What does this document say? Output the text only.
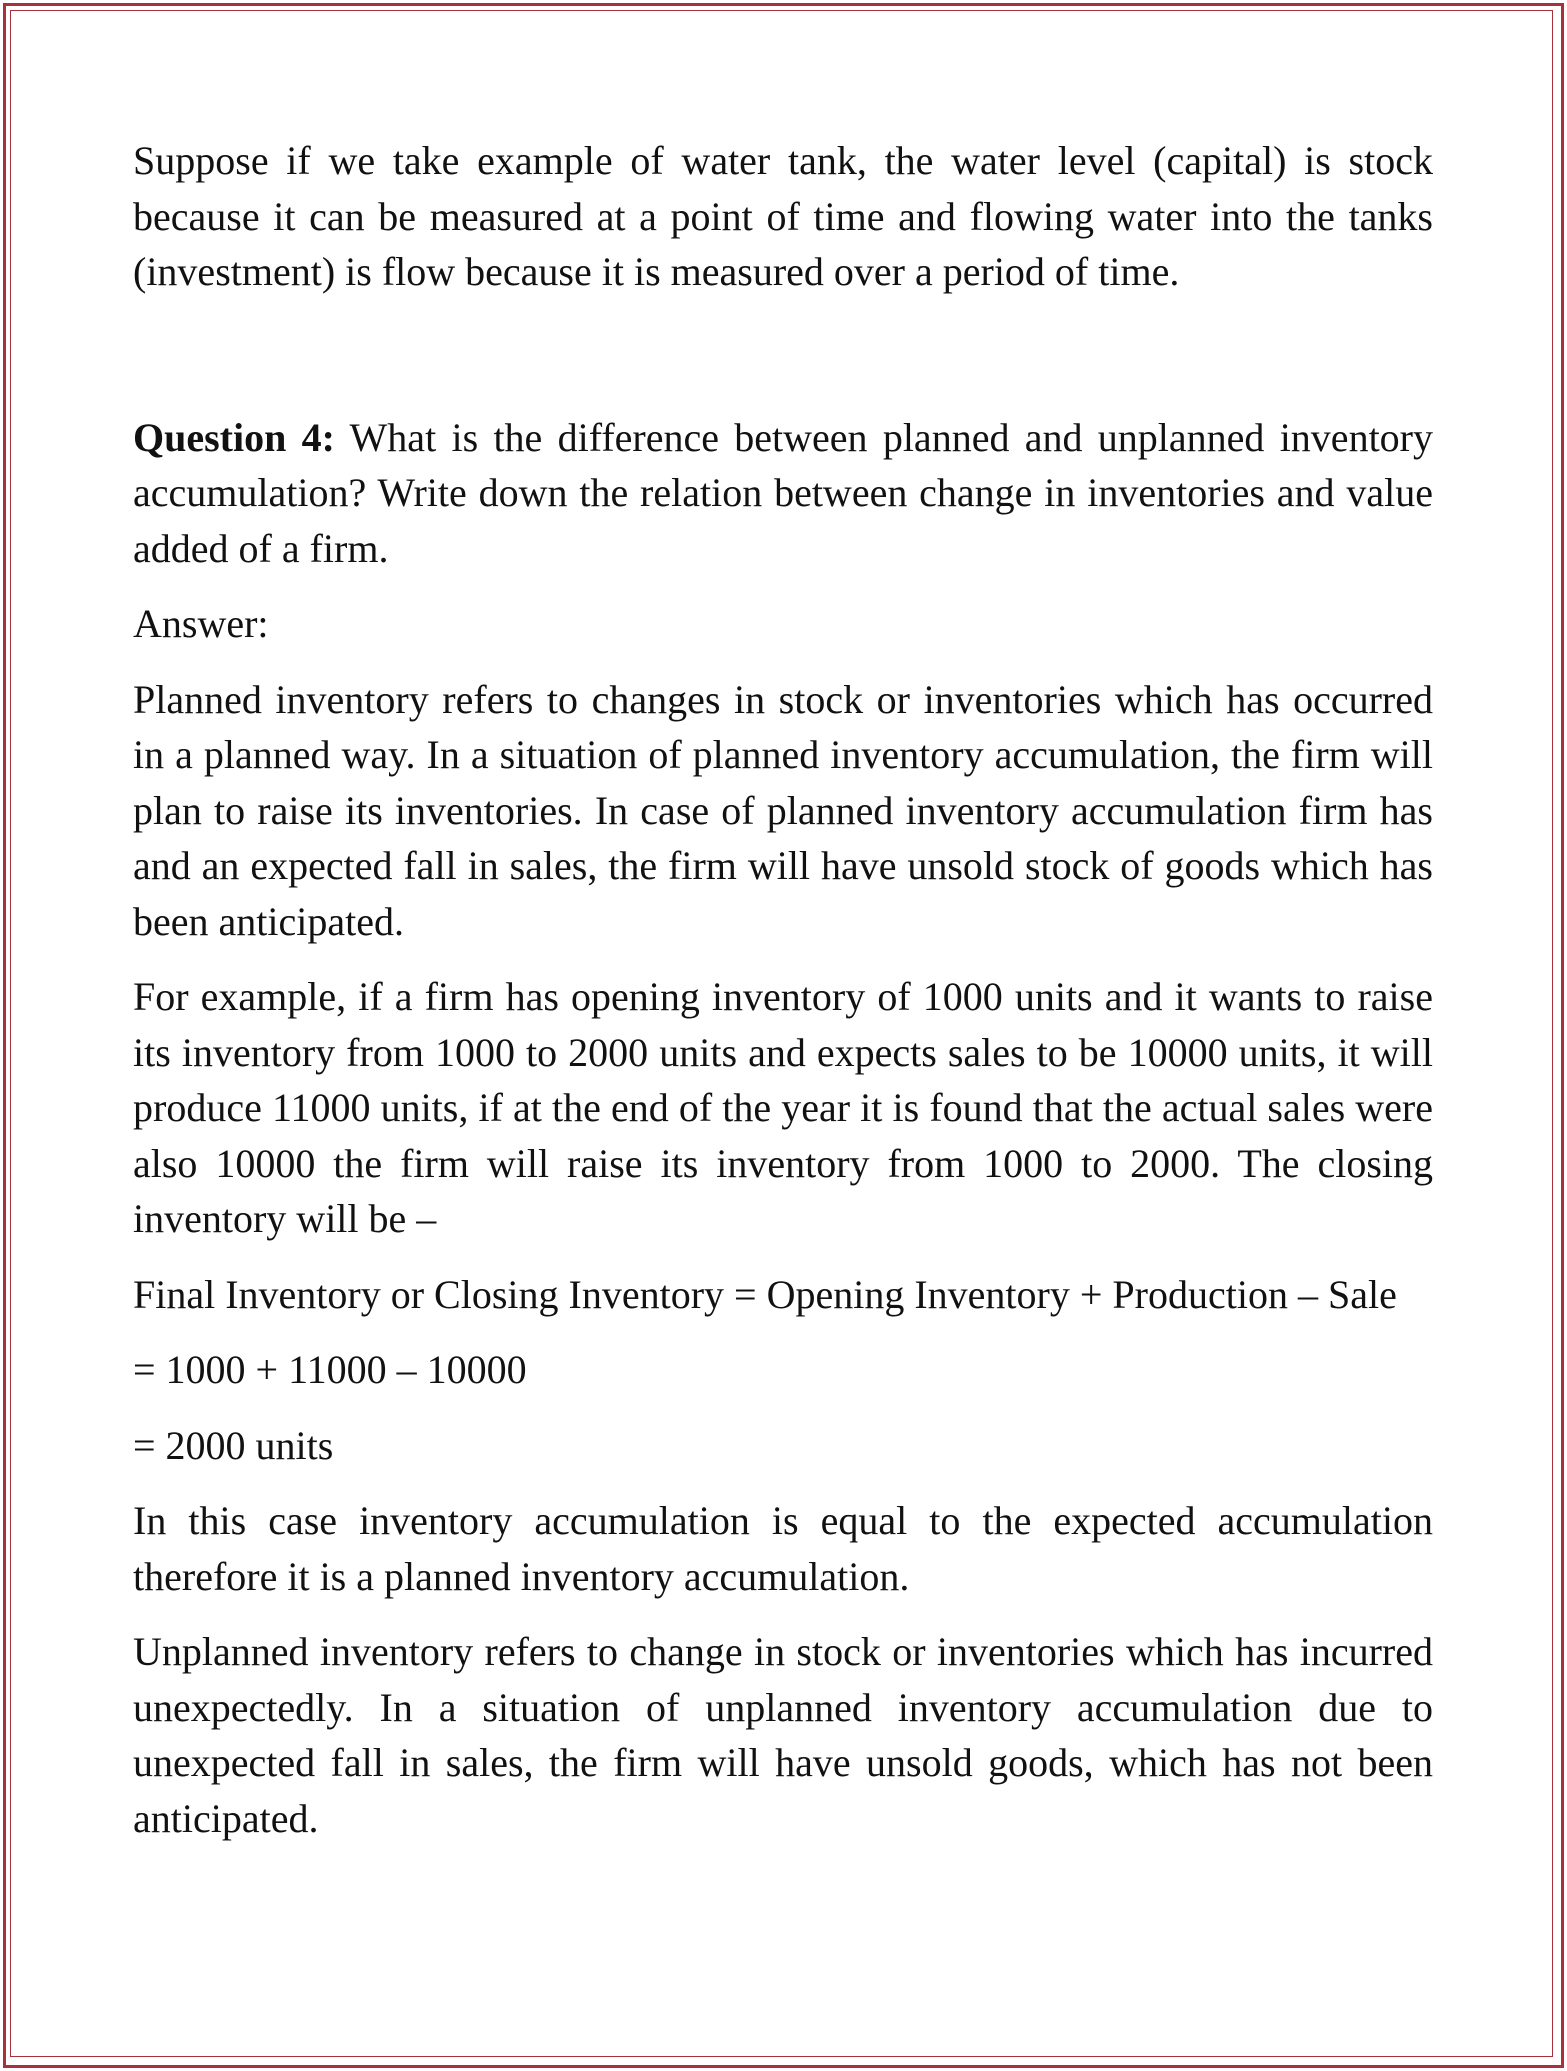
Suppose if we take example of water tank, the water level (capital) is stock because it can be measured at a point of time and flowing water into the tanks (investment) is flow because it is measured over a period of time.

Question 4: What is the difference between planned and unplanned inventory accumulation? Write down the relation between change in inventories and value added of a firm.

Answer:

Planned inventory refers to changes in stock or inventories which has occurred in a planned way. In a situation of planned inventory accumulation, the firm will plan to raise its inventories. In case of planned inventory accumulation firm has and an expected fall in sales, the firm will have unsold stock of goods which has been anticipated.

For example, if a firm has opening inventory of 1000 units and it wants to raise its inventory from 1000 to 2000 units and expects sales to be 10000 units, it will produce 11000 units, if at the end of the year it is found that the actual sales were also 10000 the firm will raise its inventory from 1000 to 2000. The closing inventory will be –

Final Inventory or Closing Inventory = Opening Inventory + Production – Sale

= 1000 + 11000 – 10000

= 2000 units

In this case inventory accumulation is equal to the expected accumulation therefore it is a planned inventory accumulation.

Unplanned inventory refers to change in stock or inventories which has incurred unexpectedly. In a situation of unplanned inventory accumulation due to unexpected fall in sales, the firm will have unsold goods, which has not been anticipated.
